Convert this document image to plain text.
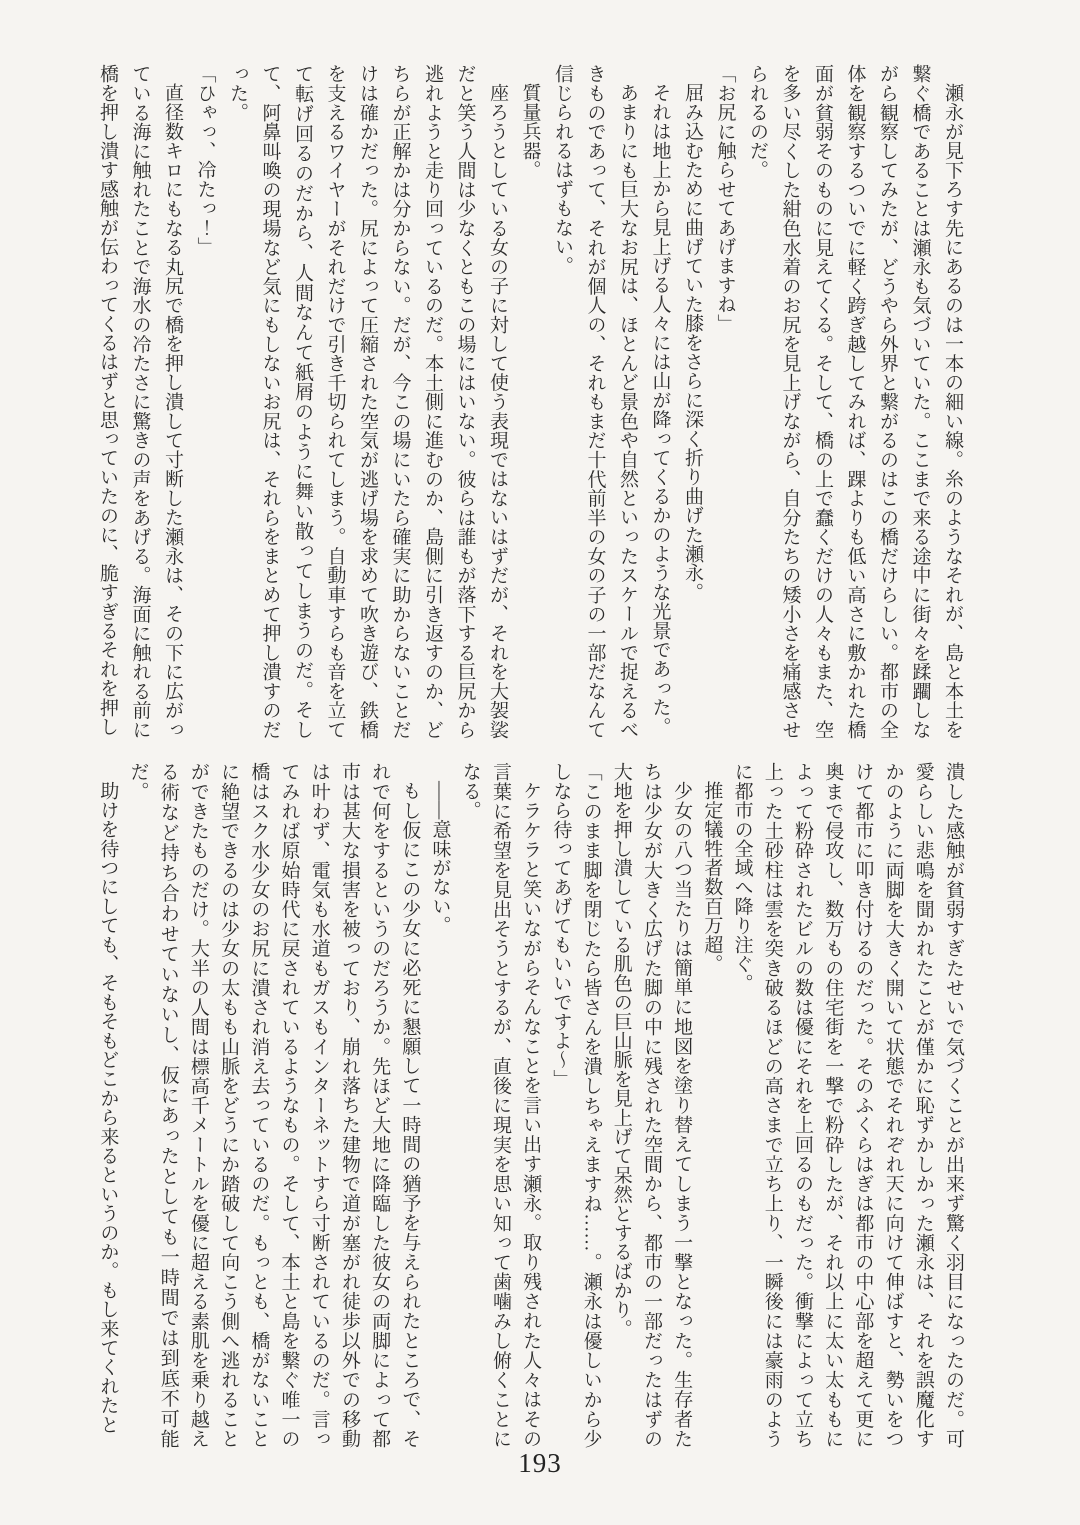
瀬永が見下ろす先にあるのは一本の細い線。糸のようなそれが、島と本土を繋ぐ橋であることは瀬永も気づいていた。ここまで来る途中に街々を蹂躙しながら観察してみたが、どうやら外界と繋がるのはこの橋だけらしい。都市の全体を観察するついでに軽く跨ぎ越してみれば、踝よりも低い高さに敷かれた橋面が貧弱そのものに見えてくる。そして、橋の上で蠢くだけの人々もまた、空を多い尽くした紺色水着のお尻を見上げながら、自分たちの矮小さを痛感させられるのだ。

「お尻に触らせてあげますね」

屈み込むために曲げていた膝をさらに深く折り曲げた瀬永。

それは地上から見上げる人々には山が降ってくるかのような光景であった。

あまりにも巨大なお尻は、ほとんど景色や自然といったスケールで捉えるべきものであって、それが個人の、それもまだ十代前半の女の子の一部だなんて信じられるはずもない。

質量兵器。

座ろうとしている女の子に対して使う表現ではないはずだが、それを大袈裟だと笑う人間は少なくともこの場にはいない。彼らは誰もが落下する巨尻から逃れようと走り回っているのだ。本土側に進むのか、島側に引き返すのか、どちらが正解かは分からない。だが、今この場にいたら確実に助からないことだけは確かだった。尻によって圧縮された空気が逃げ場を求めて吹き遊び、鉄橋を支えるワイヤーがそれだけで引き千切られてしまう。自動車すらも音を立てて転げ回るのだから、人間なんて紙屑のように舞い散ってしまうのだ。そして、阿鼻叫喚の現場など気にもしないお尻は、それらをまとめて押し潰すのだった。

「ひゃっ、冷たっ！」

直径数キロにもなる丸尻で橋を押し潰して寸断した瀬永は、その下に広がっている海に触れたことで海水の冷たさに驚きの声をあげる。海面に触れる前に橋を押し潰す感触が伝わってくるはずと思っていたのに、脆すぎるそれを押し

潰した感触が貧弱すぎたせいで気づくことが出来ず驚く羽目になったのだ。可愛らしい悲鳴を聞かれたことが僅かに恥ずかしかった瀬永は、それを誤魔化すかのように両脚を大きく開いて状態でそれぞれ天に向けて伸ばすと、勢いをつけて都市に叩き付けるのだった。そのふくらはぎは都市の中心部を超えて更に奥まで侵攻し、数万もの住宅街を一撃で粉砕したが、それ以上に太い太ももによって粉砕されたビルの数は優にそれを上回るのもだった。衝撃によって立ち上った土砂柱は雲を突き破るほどの高さまで立ち上り、一瞬後には豪雨のように都市の全域へ降り注ぐ。

推定犠牲者数百万超。

少女の八つ当たりは簡単に地図を塗り替えてしまう一撃となった。生存者たちは少女が大きく広げた脚の中に残された空間から、都市の一部だったはずの大地を押し潰している肌色の巨山脈を見上げて呆然とするばかり。

「このまま脚を閉じたら皆さんを潰しちゃえますね……。瀬永は優しいから少しなら待ってあげてもいいですよ〜」

ケラケラと笑いながらそんなことを言い出す瀬永。取り残された人々はその言葉に希望を見出そうとするが、直後に現実を思い知って歯噛みし俯くことになる。

――意味がない。

もし仮にこの少女に必死に懇願して一時間の猶予を与えられたところで、それで何をするというのだろうか。先ほど大地に降臨した彼女の両脚によって都市は甚大な損害を被っており、崩れ落ちた建物で道が塞がれ徒歩以外での移動は叶わず、電気も水道もガスもインターネットすら寸断されているのだ。言ってみれば原始時代に戻されているようなもの。そして、本土と島を繋ぐ唯一の橋はスク水少女のお尻に潰され消え去っているのだ。もっとも、橋がないことに絶望できるのは少女の太もも山脈をどうにか踏破して向こう側へ逃れることができたものだけ。大半の人間は標高千メートルを優に超える素肌を乗り越える術など持ち合わせていないし、仮にあったとしても一時間では到底不可能だ。

助けを待つにしても、そもそもどこから来るというのか。もし来てくれたと

193
